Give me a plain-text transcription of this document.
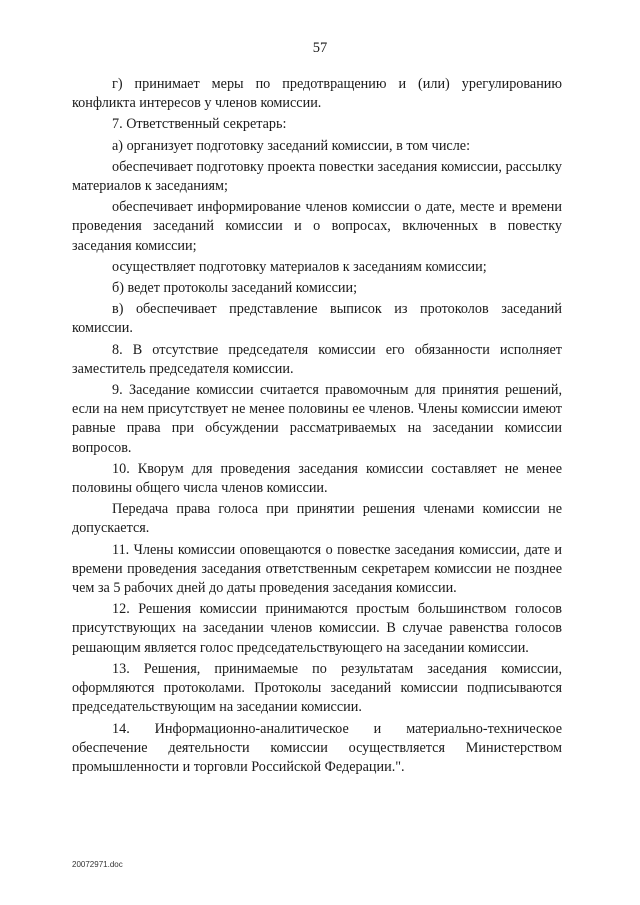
57

г) принимает меры по предотвращению и (или) урегулированию конфликта интересов у членов комиссии.

7. Ответственный секретарь:

а) организует подготовку заседаний комиссии, в том числе:

обеспечивает подготовку проекта повестки заседания комиссии, рассылку материалов к заседаниям;

обеспечивает информирование членов комиссии о дате, месте и времени проведения заседаний комиссии и о вопросах, включенных в повестку заседания комиссии;

осуществляет подготовку материалов к заседаниям комиссии;

б) ведет протоколы заседаний комиссии;

в) обеспечивает представление выписок из протоколов заседаний комиссии.

8. В отсутствие председателя комиссии его обязанности исполняет заместитель председателя комиссии.

9. Заседание комиссии считается правомочным для принятия решений, если на нем присутствует не менее половины ее членов. Члены комиссии имеют равные права при обсуждении рассматриваемых на заседании комиссии вопросов.

10. Кворум для проведения заседания комиссии составляет не менее половины общего числа членов комиссии.

Передача права голоса при принятии решения членами комиссии не допускается.

11. Члены комиссии оповещаются о повестке заседания комиссии, дате и времени проведения заседания ответственным секретарем комиссии не позднее чем за 5 рабочих дней до даты проведения заседания комиссии.

12. Решения комиссии принимаются простым большинством голосов присутствующих на заседании членов комиссии. В случае равенства голосов решающим является голос председательствующего на заседании комиссии.

13. Решения, принимаемые по результатам заседания комиссии, оформляются протоколами. Протоколы заседаний комиссии подписываются председательствующим на заседании комиссии.

14. Информационно-аналитическое и материально-техническое обеспечение деятельности комиссии осуществляется Министерством промышленности и торговли Российской Федерации.".

20072971.doc
